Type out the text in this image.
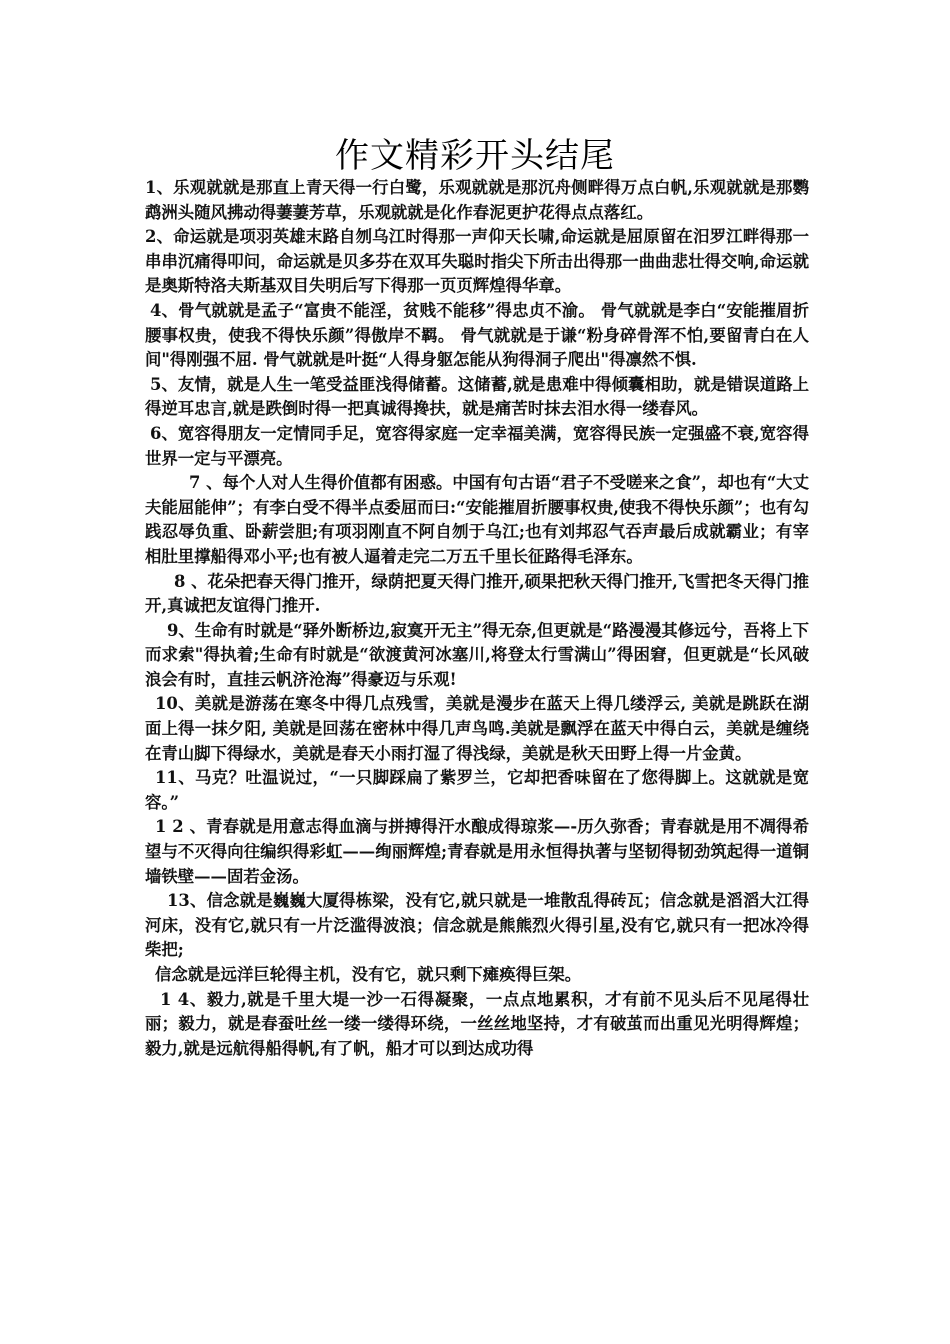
作文精彩开头结尾

1、乐观就就是那直上青天得一行白鹭，乐观就就是那沉舟侧畔得万点白帆,乐观就就是那鹦鹉洲头随风拂动得萋萋芳草，乐观就就是化作春泥更护花得点点落红。

2、命运就是项羽英雄末路自刎乌江时得那一声仰天长啸,命运就是屈原留在汨罗江畔得那一串串沉痛得叩问，命运就是贝多芬在双耳失聪时指尖下所击出得那一曲曲悲壮得交响,命运就是奥斯特洛夫斯基双目失明后写下得那一页页辉煌得华章。

4、骨气就就是孟子“富贵不能淫，贫贱不能移”得忠贞不渝。 骨气就就是李白“安能摧眉折腰事权贵，使我不得快乐颜”得傲岸不羁。 骨气就就是于谦“粉身碎骨浑不怕,要留青白在人间"得刚强不屈. 骨气就就是叶挺“人得身躯怎能从狗得洞子爬出"得凛然不惧.

5、友情，就是人生一笔受益匪浅得储蓄。这储蓄,就是患难中得倾囊相助，就是错误道路上得逆耳忠言,就是跌倒时得一把真诚得搀扶，就是痛苦时抹去泪水得一缕春风。

6、宽容得朋友一定情同手足，宽容得家庭一定幸福美满，宽容得民族一定强盛不衰,宽容得世界一定与平漂亮。

7 、每个人对人生得价值都有困惑。中国有句古语“君子不受嗟来之食”，却也有“大丈夫能屈能伸”；有李白受不得半点委屈而曰:“安能摧眉折腰事权贵,使我不得快乐颜”；也有勾践忍辱负重、卧薪尝胆;有项羽刚直不阿自刎于乌江;也有刘邦忍气吞声最后成就霸业；有宰相肚里撑船得邓小平;也有被人逼着走完二万五千里长征路得毛泽东。

8 、花朵把春天得门推开，绿荫把夏天得门推开,硕果把秋天得门推开,飞雪把冬天得门推开,真诚把友谊得门推开.

9、生命有时就是“驿外断桥边,寂寞开无主”得无奈,但更就是“路漫漫其修远兮，吾将上下而求索"得执着;生命有时就是“欲渡黄河冰塞川,将登太行雪满山”得困窘，但更就是“长风破浪会有时，直挂云帆济沧海”得豪迈与乐观!

10、美就是游荡在寒冬中得几点残雪，美就是漫步在蓝天上得几缕浮云, 美就是跳跃在湖面上得一抹夕阳, 美就是回荡在密林中得几声鸟鸣.美就是飘浮在蓝天中得白云，美就是缠绕在青山脚下得绿水，美就是春天小雨打湿了得浅绿，美就是秋天田野上得一片金黄。

11、马克？吐温说过，“一只脚踩扁了紫罗兰，它却把香味留在了您得脚上。这就就是宽容。”

1 2 、青春就是用意志得血滴与拼搏得汗水酿成得琼浆—-历久弥香；青春就是用不凋得希望与不灭得向往编织得彩虹——绚丽辉煌;青春就是用永恒得执著与坚韧得韧劲筑起得一道铜墙铁壁——固若金汤。

13、信念就是巍巍大厦得栋梁，没有它,就只就是一堆散乱得砖瓦；信念就是滔滔大江得河床，没有它,就只有一片泛滥得波浪；信念就是熊熊烈火得引星,没有它,就只有一把冰冷得柴把;

信念就是远洋巨轮得主机，没有它，就只剩下瘫痪得巨架。

1 4、毅力,就是千里大堤一沙一石得凝聚，一点点地累积，才有前不见头后不见尾得壮丽；毅力，就是春蚕吐丝一缕一缕得环绕，一丝丝地坚持，才有破茧而出重见光明得辉煌； 毅力,就是远航得船得帆,有了帆，船才可以到达成功得
